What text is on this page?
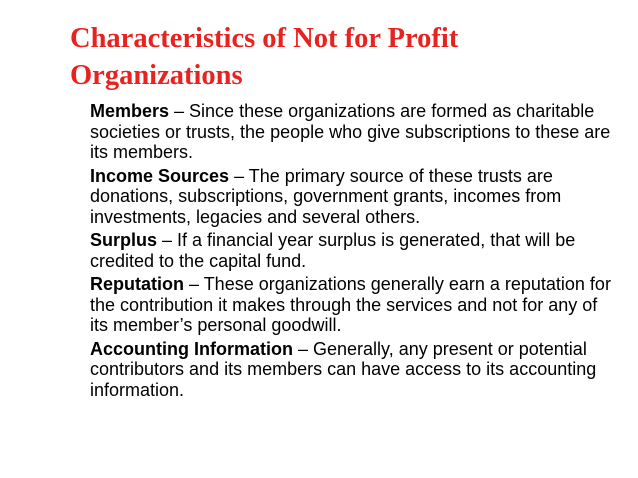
Characteristics of Not for Profit Organizations
Members – Since these organizations are formed as charitable societies or trusts, the people who give subscriptions to these are its members.
Income Sources – The primary source of these trusts are donations, subscriptions, government grants, incomes from investments, legacies and several others.
Surplus – If a financial year surplus is generated, that will be credited to the capital fund.
Reputation – These organizations generally earn a reputation for the contribution it makes through the services and not for any of its member’s personal goodwill.
Accounting Information – Generally, any present or potential contributors and its members can have access to its accounting information.
